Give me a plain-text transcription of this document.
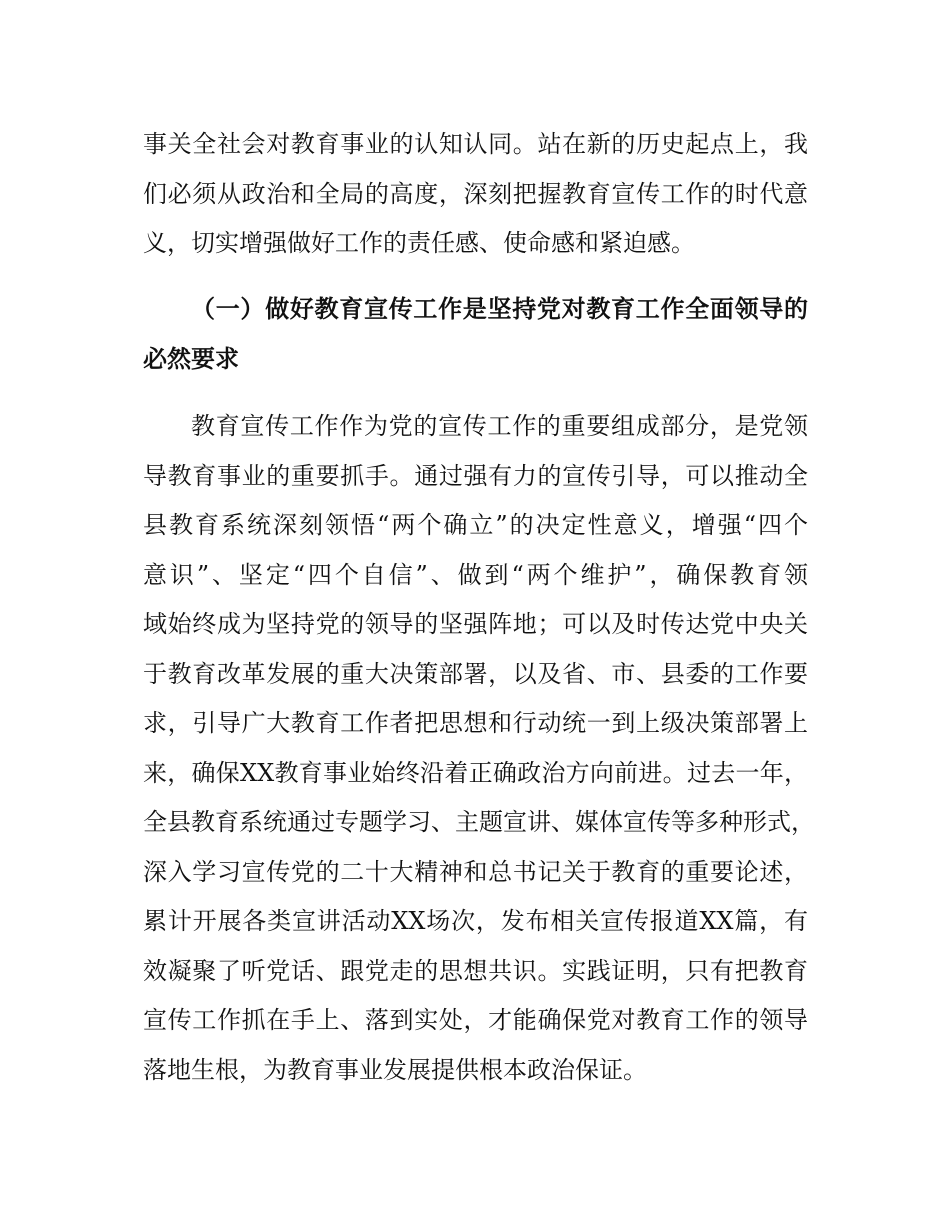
事关全社会对教育事业的认知认同。站在新的历史起点上，我
们必须从政治和全局的高度，深刻把握教育宣传工作的时代意
义，切实增强做好工作的责任感、使命感和紧迫感。
（一）做好教育宣传工作是坚持党对教育工作全面领导的
必然要求
教育宣传工作作为党的宣传工作的重要组成部分，是党领
导教育事业的重要抓手。通过强有力的宣传引导，可以推动全
县教育系统深刻领悟“两个确立”的决定性意义，增强“四个
意识”、坚定“四个自信”、做到“两个维护”，确保教育领
域始终成为坚持党的领导的坚强阵地；可以及时传达党中央关
于教育改革发展的重大决策部署，以及省、市、县委的工作要
求，引导广大教育工作者把思想和行动统一到上级决策部署上
来，确保XX教育事业始终沿着正确政治方向前进。过去一年，
全县教育系统通过专题学习、主题宣讲、媒体宣传等多种形式，
深入学习宣传党的二十大精神和总书记关于教育的重要论述，
累计开展各类宣讲活动XX场次，发布相关宣传报道XX篇，有
效凝聚了听党话、跟党走的思想共识。实践证明，只有把教育
宣传工作抓在手上、落到实处，才能确保党对教育工作的领导
落地生根，为教育事业发展提供根本政治保证。
